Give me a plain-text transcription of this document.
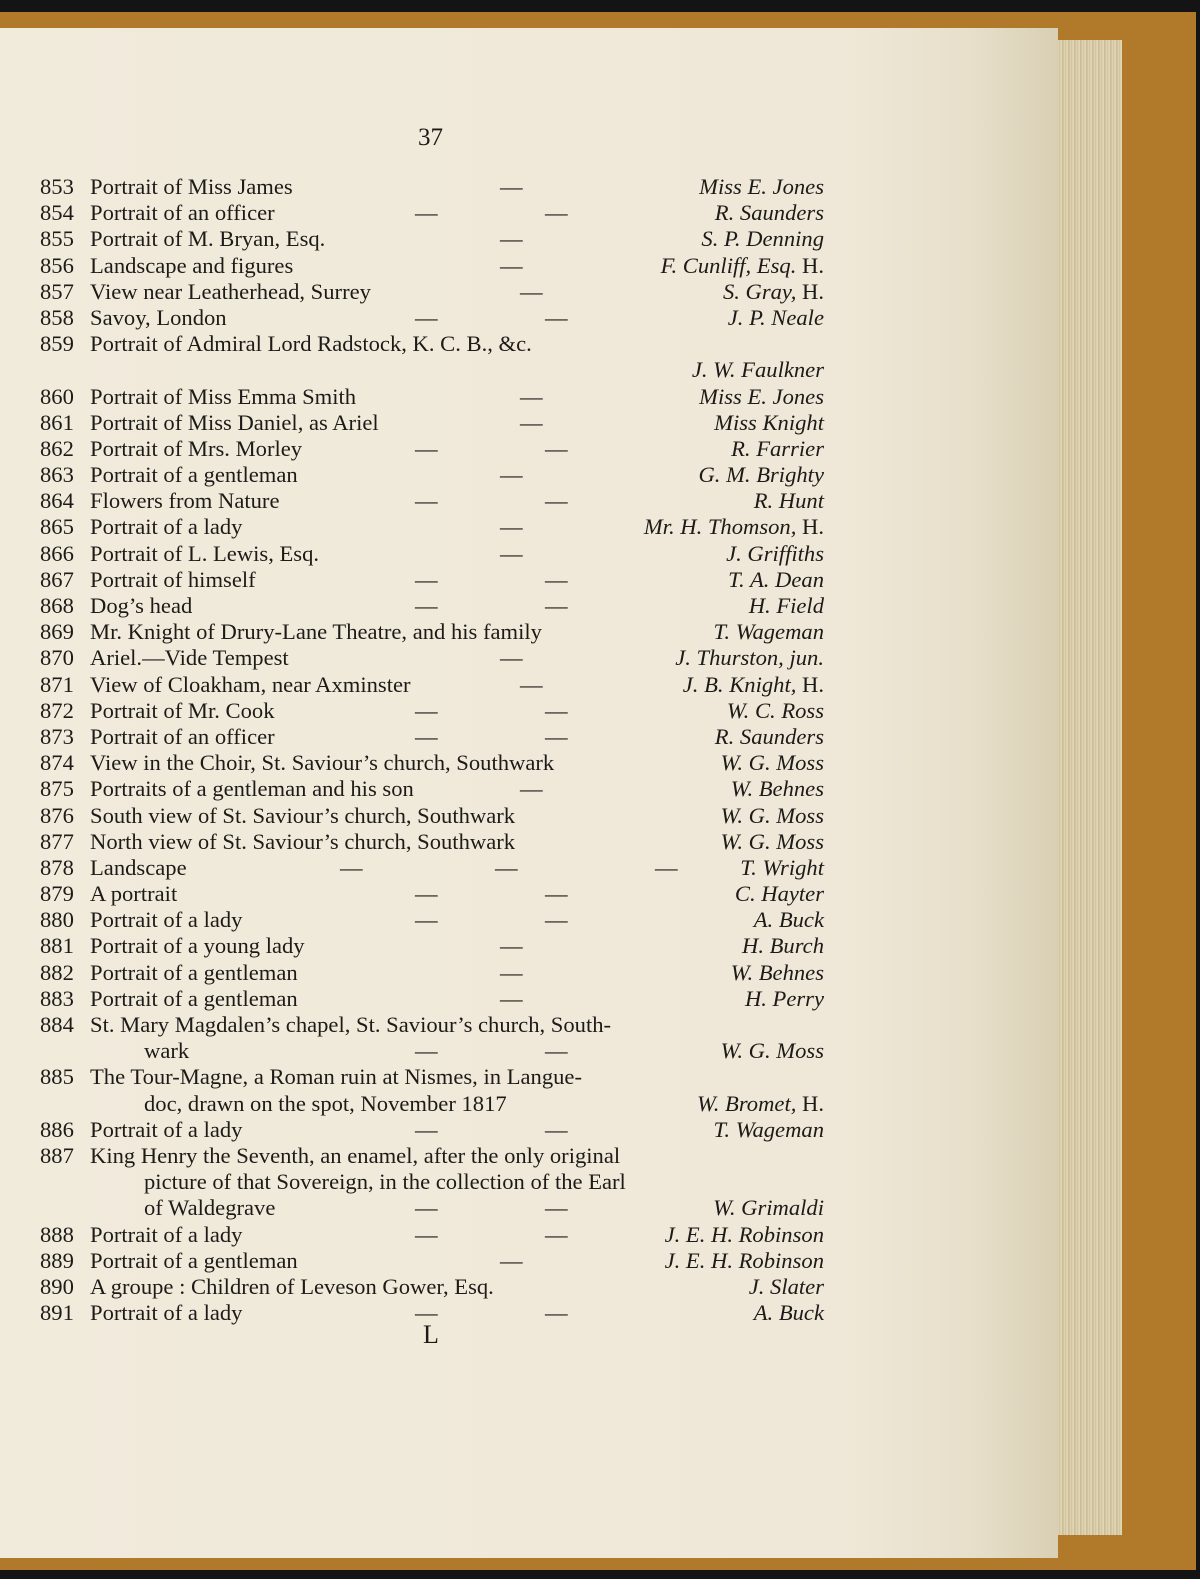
37
853 Portrait of Miss James	—	Miss E. Jones
854 Portrait of an officer	—	—	R. Saunders
855 Portrait of M. Bryan, Esq.	—	S. P. Denning
856 Landscape and figures	—	F. Cunliff, Esq. H.
857 View near Leatherhead, Surrey	—	S. Gray, H.
858 Savoy, London	—	—	J. P. Neale
859 Portrait of Admiral Lord Radstock, K. C. B., &c.
J. W. Faulkner
860 Portrait of Miss Emma Smith	—	Miss E. Jones
861 Portrait of Miss Daniel, as Ariel	—	Miss Knight
862 Portrait of Mrs. Morley	—	—	R. Farrier
863 Portrait of a gentleman	—	G. M. Brighty
864 Flowers from Nature	—	—	R. Hunt
865 Portrait of a lady	—	Mr. H. Thomson, H.
866 Portrait of L. Lewis, Esq.	—	J. Griffiths
867 Portrait of himself	—	—	T. A. Dean
868 Dog’s head	—	—	H. Field
869 Mr. Knight of Drury-Lane Theatre, and his family	T. Wageman
870 Ariel.—Vide Tempest	—	J. Thurston, jun.
871 View of Cloakham, near Axminster	—	J. B. Knight, H.
872 Portrait of Mr. Cook	—	—	W. C. Ross
873 Portrait of an officer	—	—	R. Saunders
874 View in the Choir, St. Saviour’s church, Southwark	W. G. Moss
875 Portraits of a gentleman and his son	—	W. Behnes
876 South view of St. Saviour’s church, Southwark	W. G. Moss
877 North view of St. Saviour’s church, Southwark	W. G. Moss
878 Landscape	—	—	—	T. Wright
879 A portrait	—	—	C. Hayter
880 Portrait of a lady	—	—	A. Buck
881 Portrait of a young lady	—	H. Burch
882 Portrait of a gentleman	—	W. Behnes
883 Portrait of a gentleman	—	H. Perry
884 St. Mary Magdalen’s chapel, St. Saviour’s church, South-
wark	—	—	W. G. Moss
885 The Tour-Magne, a Roman ruin at Nismes, in Langue-
doc, drawn on the spot, November 1817	W. Bromet, H.
886 Portrait of a lady	—	—	T. Wageman
887 King Henry the Seventh, an enamel, after the only original
picture of that Sovereign, in the collection of the Earl
of Waldegrave	—	—	W. Grimaldi
888 Portrait of a lady	—	—	J. E. H. Robinson
889 Portrait of a gentleman	—	J. E. H. Robinson
890 A groupe : Children of Leveson Gower, Esq.	J. Slater
891 Portrait of a lady	—	—	A. Buck
L
